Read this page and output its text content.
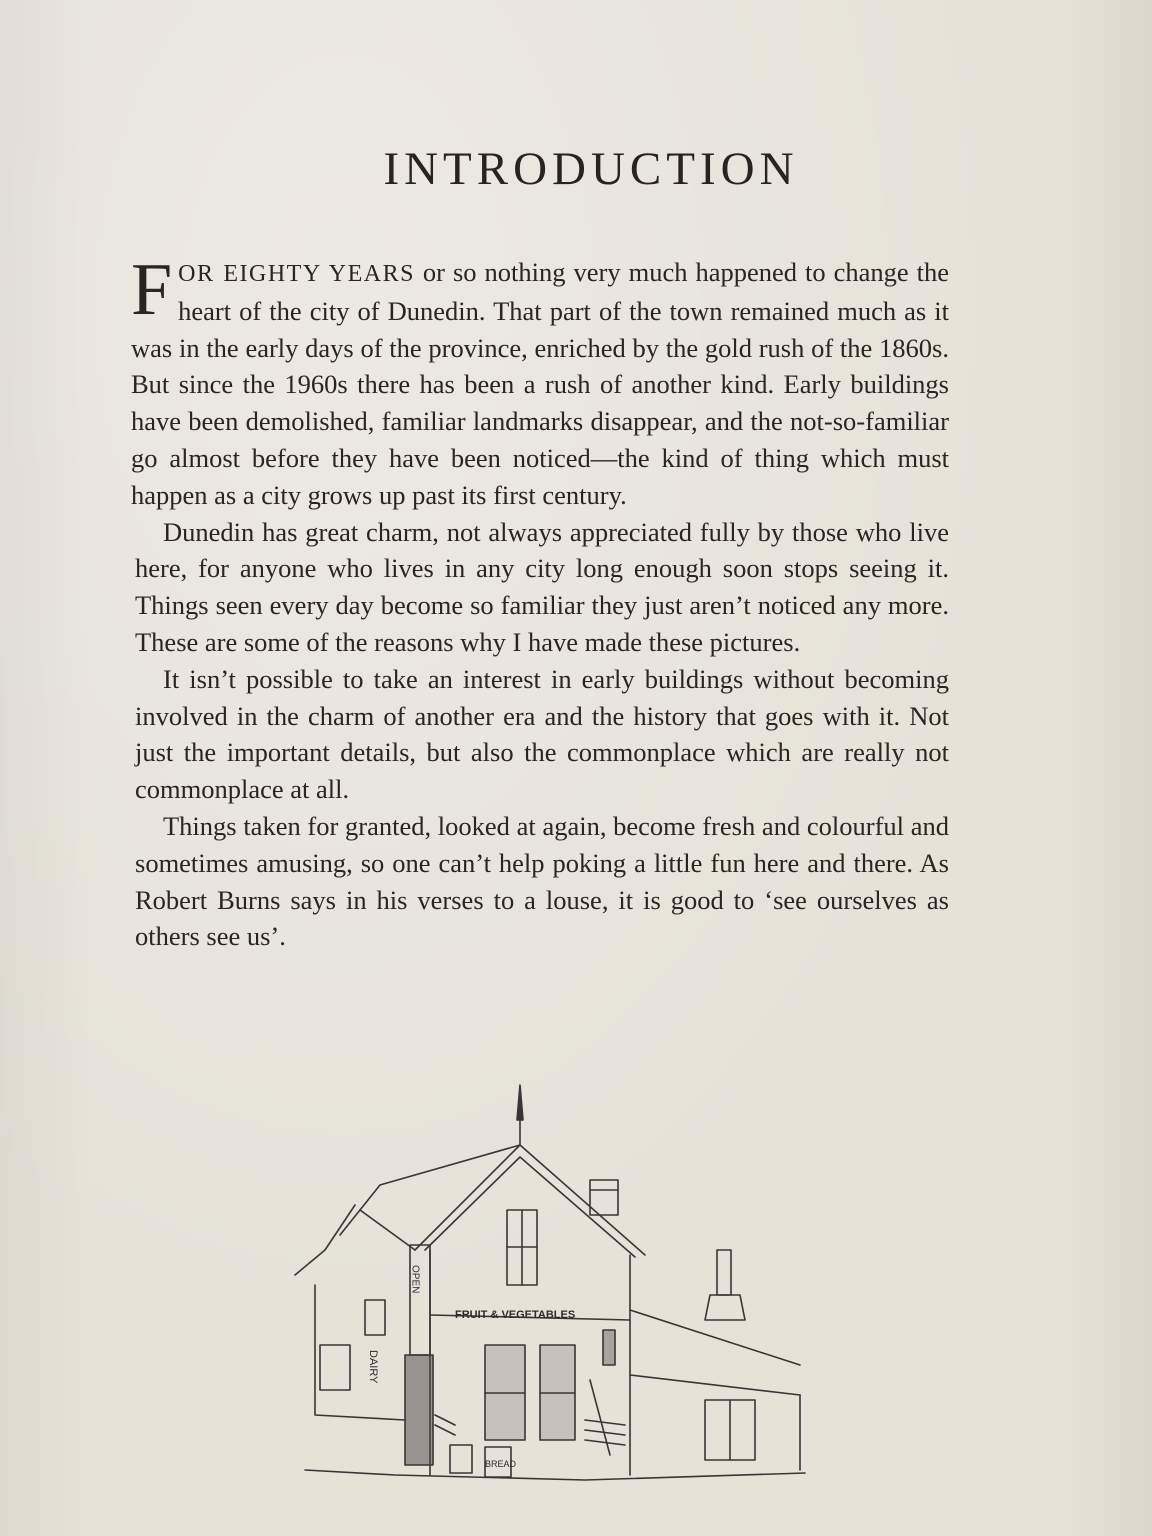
INTRODUCTION

FOR EIGHTY YEARS or so nothing very much happened to change the heart of the city of Dunedin. That part of the town remained much as it was in the early days of the province, enriched by the gold rush of the 1860s. But since the 1960s there has been a rush of another kind. Early buildings have been demolished, familiar landmarks disappear, and the not-so-familiar go almost before they have been noticed—the kind of thing which must happen as a city grows up past its first century.

Dunedin has great charm, not always appreciated fully by those who live here, for anyone who lives in any city long enough soon stops seeing it. Things seen every day become so familiar they just aren’t noticed any more. These are some of the reasons why I have made these pictures.

It isn’t possible to take an interest in early buildings without becoming involved in the charm of another era and the history that goes with it. Not just the important details, but also the commonplace which are really not commonplace at all.

Things taken for granted, looked at again, become fresh and colourful and sometimes amusing, so one can’t help poking a little fun here and there. As Robert Burns says in his verses to a louse, it is good to ‘see ourselves as others see us’.

FRUIT & VEGETABLES
OPEN
DAIRY
BREAD
